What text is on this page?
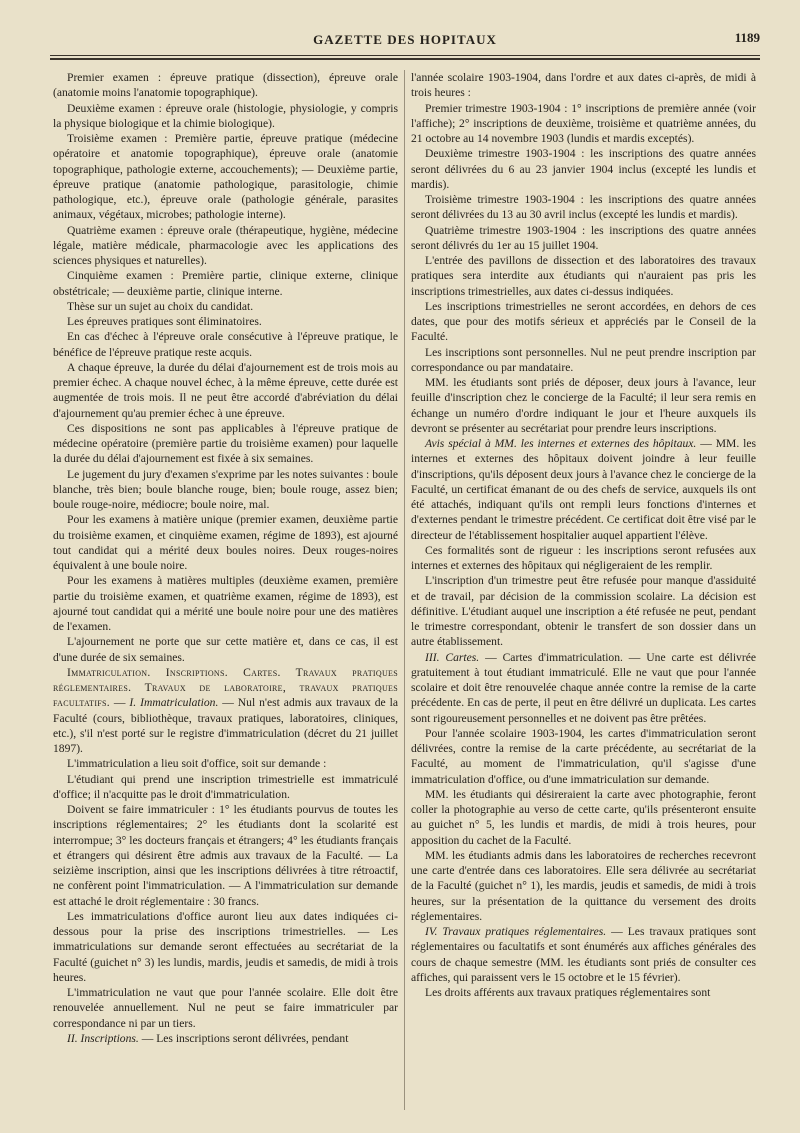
GAZETTE DES HOPITAUX	1189

Premier examen : épreuve pratique (dissection), épreuve orale (anatomie moins l'anatomie topographique).

Deuxième examen : épreuve orale (histologie, physiologie, y compris la physique biologique et la chimie biologique).

Troisième examen : Première partie, épreuve pratique (médecine opératoire et anatomie topographique), épreuve orale (anatomie topographique, pathologie externe, accouchements); — Deuxième partie, épreuve pratique (anatomie pathologique, parasitologie, chimie pathologique, etc.), épreuve orale (pathologie générale, parasites animaux, végétaux, microbes; pathologie interne).

Quatrième examen : épreuve orale (thérapeutique, hygiène, médecine légale, matière médicale, pharmacologie avec les applications des sciences physiques et naturelles).

Cinquième examen : Première partie, clinique externe, clinique obstétricale; — deuxième partie, clinique interne.

Thèse sur un sujet au choix du candidat.

Les épreuves pratiques sont éliminatoires.

En cas d'échec à l'épreuve orale consécutive à l'épreuve pratique, le bénéfice de l'épreuve pratique reste acquis.

A chaque épreuve, la durée du délai d'ajournement est de trois mois au premier échec. A chaque nouvel échec, à la même épreuve, cette durée est augmentée de trois mois. Il ne peut être accordé d'abréviation du délai d'ajournement qu'au premier échec à une épreuve.

Ces dispositions ne sont pas applicables à l'épreuve pratique de médecine opératoire (première partie du troisième examen) pour laquelle la durée du délai d'ajournement est fixée à six semaines.

Le jugement du jury d'examen s'exprime par les notes suivantes : boule blanche, très bien; boule blanche rouge, bien; boule rouge, assez bien; boule rouge-noire, médiocre; boule noire, mal.

Pour les examens à matière unique (premier examen, deuxième partie du troisième examen, et cinquième examen, régime de 1893), est ajourné tout candidat qui a mérité deux boules noires. Deux rouges-noires équivalent à une boule noire.

Pour les examens à matières multiples (deuxième examen, première partie du troisième examen, et quatrième examen, régime de 1893), est ajourné tout candidat qui a mérité une boule noire pour une des matières de l'examen.

L'ajournement ne porte que sur cette matière et, dans ce cas, il est d'une durée de six semaines.

Immatriculation. Inscriptions. Cartes. Travaux pratiques réglementaires. Travaux de laboratoire, travaux pratiques facultatifs. — I. Immatriculation. — Nul n'est admis aux travaux de la Faculté (cours, bibliothèque, travaux pratiques, laboratoires, cliniques, etc.), s'il n'est porté sur le registre d'immatriculation (décret du 21 juillet 1897).

L'immatriculation a lieu soit d'office, soit sur demande :

L'étudiant qui prend une inscription trimestrielle est immatriculé d'office; il n'acquitte pas le droit d'immatriculation.

Doivent se faire immatriculer : 1° les étudiants pourvus de toutes les inscriptions réglementaires; 2° les étudiants dont la scolarité est interrompue; 3° les docteurs français et étrangers; 4° les étudiants français et étrangers qui désirent être admis aux travaux de la Faculté. — La seizième inscription, ainsi que les inscriptions délivrées à titre rétroactif, ne confèrent point l'immatriculation. — A l'immatriculation sur demande est attaché le droit réglementaire : 30 francs.

Les immatriculations d'office auront lieu aux dates indiquées ci-dessous pour la prise des inscriptions trimestrielles. — Les immatriculations sur demande seront effectuées au secrétariat de la Faculté (guichet n° 3) les lundis, mardis, jeudis et samedis, de midi à trois heures.

L'immatriculation ne vaut que pour l'année scolaire. Elle doit être renouvelée annuellement. Nul ne peut se faire immatriculer par correspondance ni par un tiers.

II. Inscriptions. — Les inscriptions seront délivrées, pendant

l'année scolaire 1903-1904, dans l'ordre et aux dates ci-après, de midi à trois heures :

Premier trimestre 1903-1904 : 1° inscriptions de première année (voir l'affiche); 2° inscriptions de deuxième, troisième et quatrième années, du 21 octobre au 14 novembre 1903 (lundis et mardis exceptés).

Deuxième trimestre 1903-1904 : les inscriptions des quatre années seront délivrées du 6 au 23 janvier 1904 inclus (excepté les lundis et mardis).

Troisième trimestre 1903-1904 : les inscriptions des quatre années seront délivrées du 13 au 30 avril inclus (excepté les lundis et mardis).

Quatrième trimestre 1903-1904 : les inscriptions des quatre années seront délivrés du 1er au 15 juillet 1904.

L'entrée des pavillons de dissection et des laboratoires des travaux pratiques sera interdite aux étudiants qui n'auraient pas pris les inscriptions trimestrielles, aux dates ci-dessus indiquées.

Les inscriptions trimestrielles ne seront accordées, en dehors de ces dates, que pour des motifs sérieux et appréciés par le Conseil de la Faculté.

Les inscriptions sont personnelles. Nul ne peut prendre inscription par correspondance ou par mandataire.

MM. les étudiants sont priés de déposer, deux jours à l'avance, leur feuille d'inscription chez le concierge de la Faculté; il leur sera remis en échange un numéro d'ordre indiquant le jour et l'heure auxquels ils devront se présenter au secrétariat pour prendre leurs inscriptions.

Avis spécial à MM. les internes et externes des hôpitaux. — MM. les internes et externes des hôpitaux doivent joindre à leur feuille d'inscriptions, qu'ils déposent deux jours à l'avance chez le concierge de la Faculté, un certificat émanant de ou des chefs de service, auxquels ils ont été attachés, indiquant qu'ils ont rempli leurs fonctions d'internes et d'externes pendant le trimestre précédent. Ce certificat doit être visé par le directeur de l'établissement hospitalier auquel appartient l'élève.

Ces formalités sont de rigueur : les inscriptions seront refusées aux internes et externes des hôpitaux qui négligeraient de les remplir.

L'inscription d'un trimestre peut être refusée pour manque d'assiduité et de travail, par décision de la commission scolaire. La décision est définitive. L'étudiant auquel une inscription a été refusée ne peut, pendant le trimestre correspondant, obtenir le transfert de son dossier dans un autre établissement.

III. Cartes. — Cartes d'immatriculation. — Une carte est délivrée gratuitement à tout étudiant immatriculé. Elle ne vaut que pour l'année scolaire et doit être renouvelée chaque année contre la remise de la carte précédente. En cas de perte, il peut en être délivré un duplicata. Les cartes sont rigoureusement personnelles et ne doivent pas être prêtées.

Pour l'année scolaire 1903-1904, les cartes d'immatriculation seront délivrées, contre la remise de la carte précédente, au secrétariat de la Faculté, au moment de l'immatriculation, qu'il s'agisse d'une immatriculation d'office, ou d'une immatriculation sur demande.

MM. les étudiants qui désireraient la carte avec photographie, feront coller la photographie au verso de cette carte, qu'ils présenteront ensuite au guichet n° 5, les lundis et mardis, de midi à trois heures, pour apposition du cachet de la Faculté.

MM. les étudiants admis dans les laboratoires de recherches recevront une carte d'entrée dans ces laboratoires. Elle sera délivrée au secrétariat de la Faculté (guichet n° 1), les mardis, jeudis et samedis, de midi à trois heures, sur la présentation de la quittance du versement des droits réglementaires.

IV. Travaux pratiques réglementaires. — Les travaux pratiques sont réglementaires ou facultatifs et sont énumérés aux affiches générales des cours de chaque semestre (MM. les étudiants sont priés de consulter ces affiches, qui paraissent vers le 15 octobre et le 15 février).

Les droits afférents aux travaux pratiques réglementaires sont
